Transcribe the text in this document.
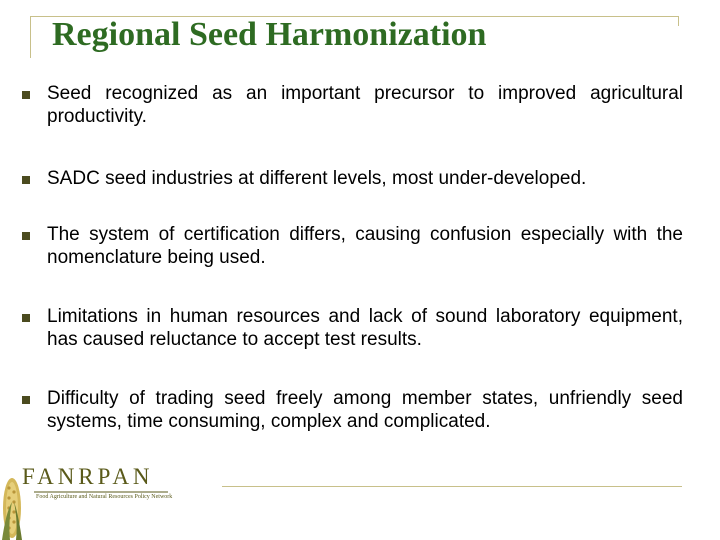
Regional Seed Harmonization
Seed recognized as an important precursor to improved agricultural productivity.
SADC seed industries at different levels, most under-developed.
The system of certification differs, causing confusion especially with the nomenclature being used.
Limitations in human resources and lack of sound laboratory equipment, has caused reluctance to accept test results.
Difficulty of trading seed freely among member states, unfriendly seed systems, time consuming, complex and complicated.
FANRPAN
Food Agriculture and Natural Resources Policy Network
